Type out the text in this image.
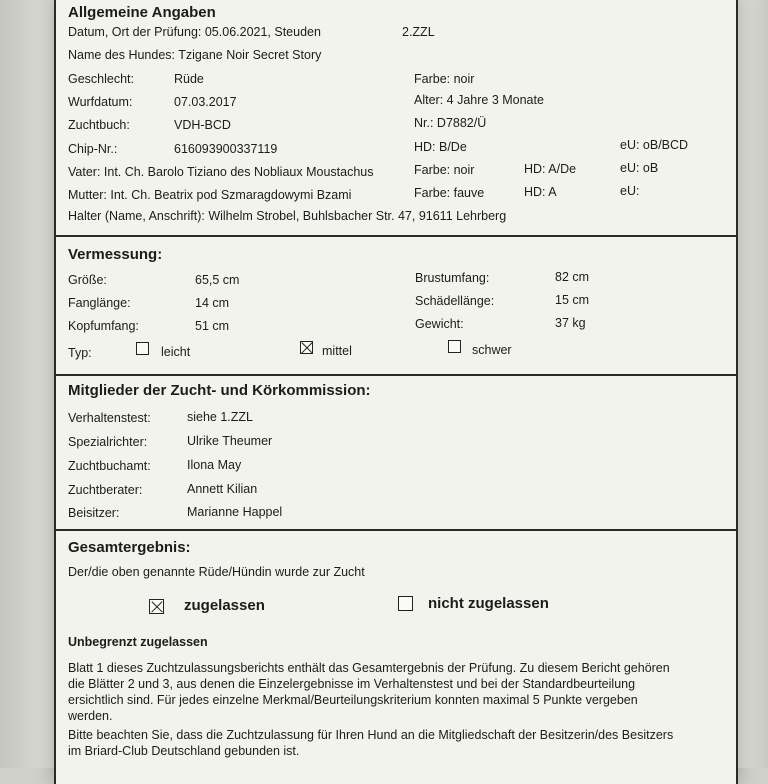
Allgemeine Angaben
Datum, Ort der Prüfung: 05.06.2021, Steuden	2.ZZL
Name des Hundes: Tzigane Noir Secret Story
Geschlecht:	Rüde	Farbe: noir
Wurfdatum:	07.03.2017	Alter: 4 Jahre 3 Monate
Zuchtbuch:	VDH-BCD	Nr.: D7882/Ü
Chip-Nr.:	616093900337119	HD: B/De	eU: oB/BCD
Vater: Int. Ch. Barolo Tiziano des Nobliaux Moustachus	Farbe: noir	HD: A/De	eU: oB
Mutter: Int. Ch. Beatrix pod Szmaragdowymi Bzami	Farbe: fauve	HD: A	eU:
Halter (Name, Anschrift): Wilhelm Strobel, Buhlsbacher Str. 47, 91611 Lehrberg
Vermessung:
Größe:	65,5 cm	Brustumfang:	82 cm
Fanglänge:	14 cm	Schädellänge:	15 cm
Kopfumfang:	51 cm	Gewicht:	37 kg
Typ:	leicht	mittel	schwer
Mitglieder der Zucht- und Körkommission:
Verhaltenstest:	siehe 1.ZZL
Spezialrichter:	Ulrike Theumer
Zuchtbuchamt:	Ilona May
Zuchtberater:	Annett Kilian
Beisitzer:	Marianne Happel
Gesamtergebnis:
Der/die oben genannte Rüde/Hündin wurde zur Zucht
zugelassen	nicht zugelassen
Unbegrenzt zugelassen
Blatt 1 dieses Zuchtzulassungsberichts enthält das Gesamtergebnis der Prüfung. Zu diesem Bericht gehören
die Blätter 2 und 3, aus denen die Einzelergebnisse im Verhaltenstest und bei der Standardbeurteilung
ersichtlich sind. Für jedes einzelne Merkmal/Beurteilungskriterium konnten maximal 5 Punkte vergeben
werden.
Bitte beachten Sie, dass die Zuchtzulassung für Ihren Hund an die Mitgliedschaft der Besitzerin/des Besitzers
im Briard-Club Deutschland gebunden ist.
